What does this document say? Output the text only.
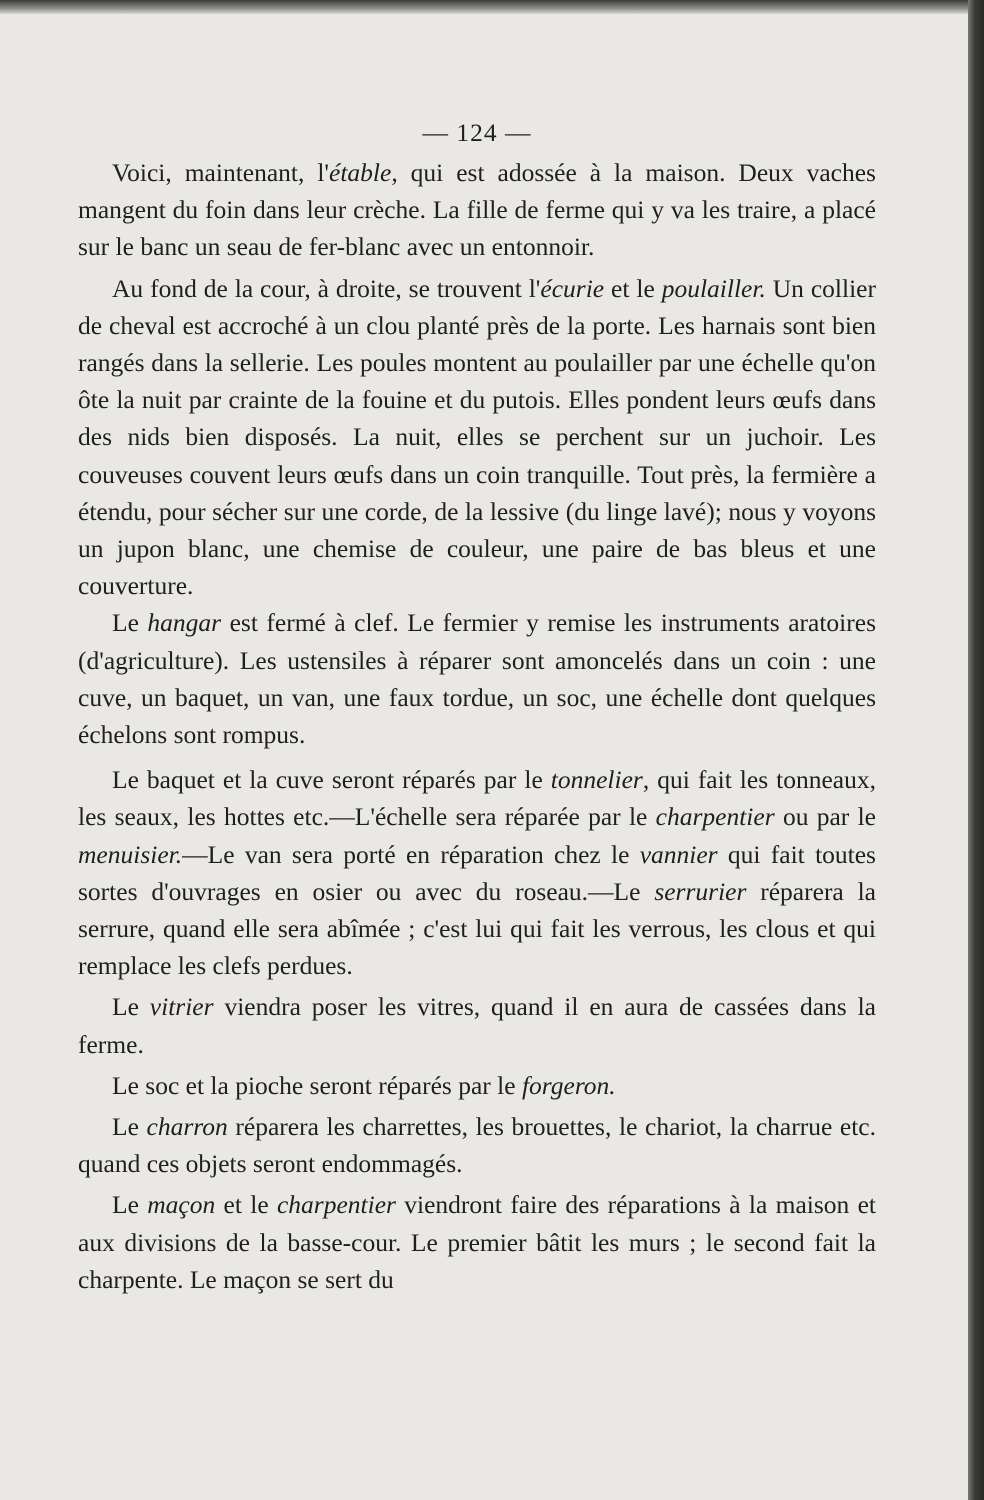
— 124 —

Voici, maintenant, l'étable, qui est adossée à la maison. Deux vaches mangent du foin dans leur crèche. La fille de ferme qui y va les traire, a placé sur le banc un seau de fer-blanc avec un entonnoir.

Au fond de la cour, à droite, se trouvent l'écurie et le poulailler. Un collier de cheval est accroché à un clou planté près de la porte. Les harnais sont bien rangés dans la sellerie. Les poules montent au poulailler par une échelle qu'on ôte la nuit par crainte de la fouine et du putois. Elles pondent leurs œufs dans des nids bien disposés. La nuit, elles se perchent sur un juchoir. Les couveuses couvent leurs œufs dans un coin tranquille. Tout près, la fermière a étendu, pour sécher sur une corde, de la lessive (du linge lavé); nous y voyons un jupon blanc, une chemise de couleur, une paire de bas bleus et une couverture.

Le hangar est fermé à clef. Le fermier y remise les instruments aratoires (d'agriculture). Les ustensiles à réparer sont amoncelés dans un coin : une cuve, un baquet, un van, une faux tordue, un soc, une échelle dont quelques échelons sont rompus.

Le baquet et la cuve seront réparés par le tonnelier, qui fait les tonneaux, les seaux, les hottes etc.—L'échelle sera réparée par le charpentier ou par le menuisier.—Le van sera porté en réparation chez le vannier qui fait toutes sortes d'ouvrages en osier ou avec du roseau.—Le serrurier réparera la serrure, quand elle sera abîmée ; c'est lui qui fait les verrous, les clous et qui remplace les clefs perdues.

Le vitrier viendra poser les vitres, quand il en aura de cassées dans la ferme.

Le soc et la pioche seront réparés par le forgeron.

Le charron réparera les charrettes, les brouettes, le chariot, la charrue etc. quand ces objets seront endommagés.

Le maçon et le charpentier viendront faire des réparations à la maison et aux divisions de la basse-cour. Le premier bâtit les murs ; le second fait la charpente. Le maçon se sert du
